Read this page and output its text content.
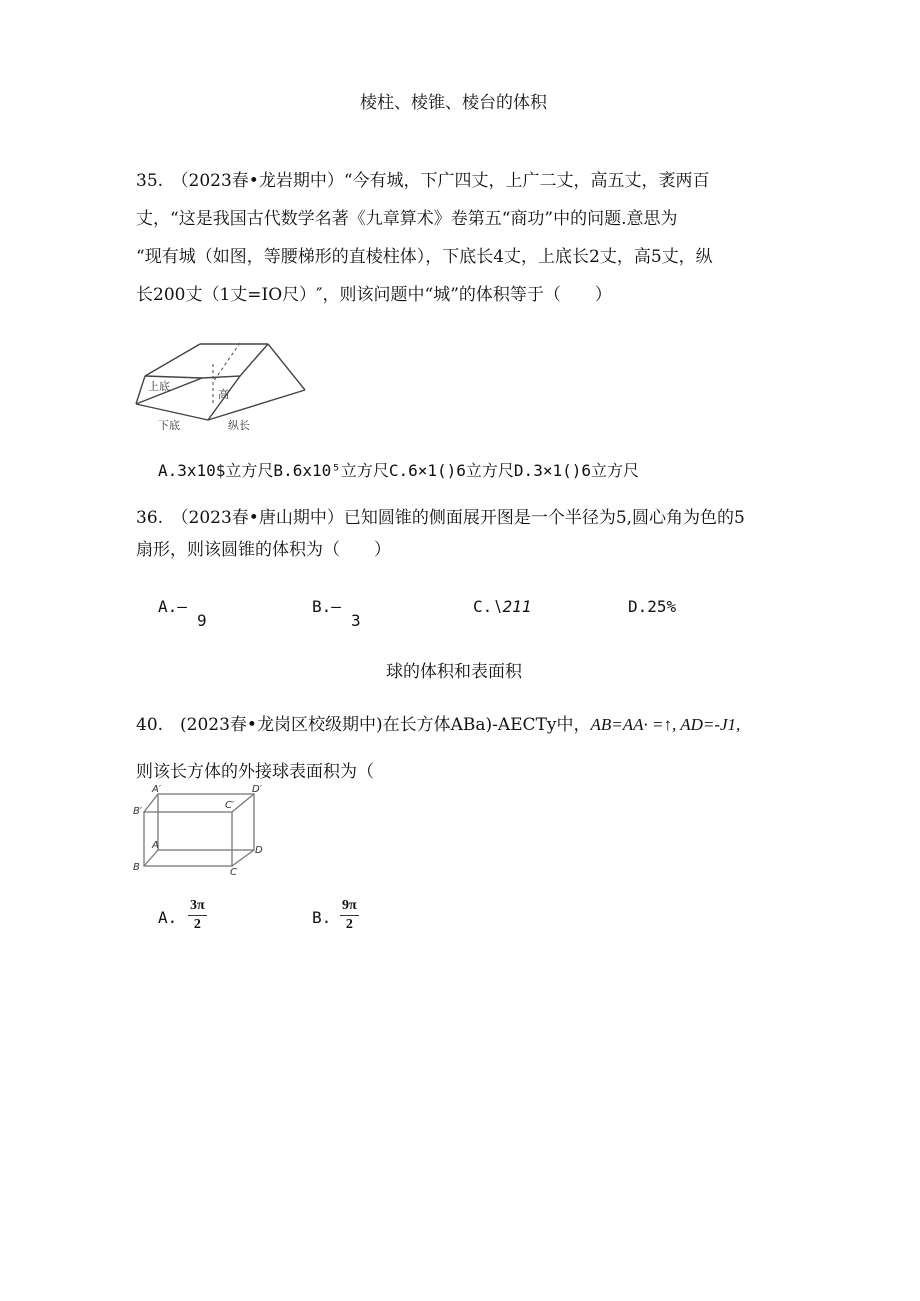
棱柱、棱锥、棱台的体积
35.　（2023春•龙岩期中）“今有城，下广四丈，上广二丈，高五丈，袤两百
丈，“这是我国古代数学名著《九章算术》卷第五“商功”中的问题.意思为
“现有城（如图，等腰梯形的直棱柱体），下底长4丈，上底长2丈，高5丈，纵
长200丈（1丈=IO尺）″，则该问题中“城”的体积等于（　　）
上底
高
下底	纵长
A.3x10$立方尺B.6x10⁵立方尺C.6×1()6立方尺D.3×1()6立方尺
36.　（2023春•唐山期中）已知圆锥的侧面展开图是一个半径为5,圆心角为色的5
扇形，则该圆锥的体积为（　　）
A.—
9
B.—
3
C.∖211	D.25%
球的体积和表面积
40.　(2023春•龙岗区校级期中)在长方体ABa)-AECTy中，AB=AA· =↑, AD=-J1,
则该长方体的外接球表面积为（
A′	D′
B′
C′
A	D
B	C
A. $\frac{3\pi}{2}$	B. $\frac{9\pi}{2}$
